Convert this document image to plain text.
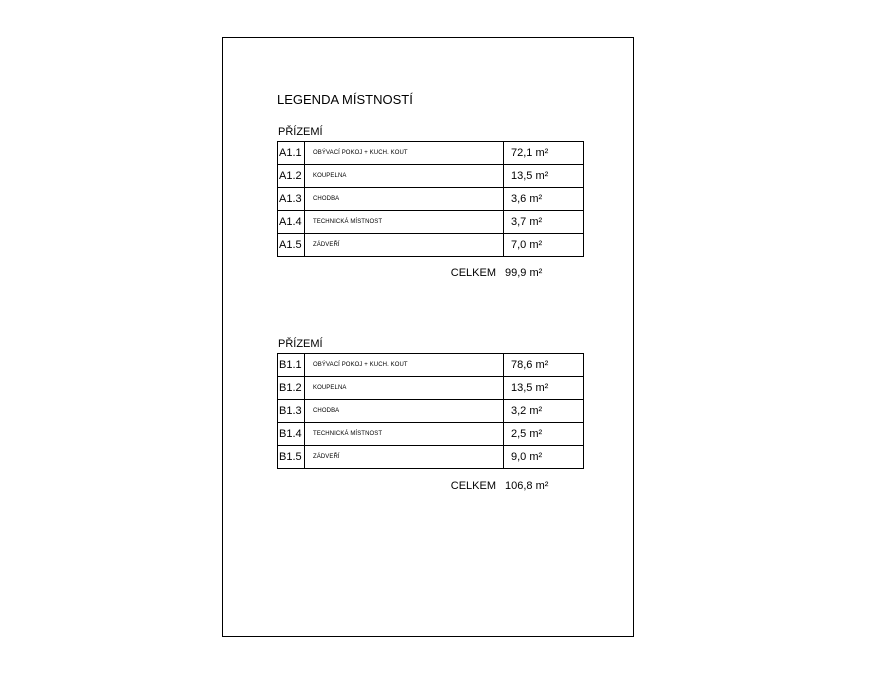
LEGENDA MÍSTNOSTÍ
PŘÍZEMÍ
A1.1	OBÝVACÍ POKOJ + KUCH. KOUT	72,1 m²
A1.2	KOUPELNA	13,5 m²
A1.3	CHODBA	3,6 m²
A1.4	TECHNICKÁ MÍSTNOST	3,7 m²
A1.5	ZÁDVEŘÍ	7,0 m²
CELKEM 99,9 m²
PŘÍZEMÍ
B1.1	OBÝVACÍ POKOJ + KUCH. KOUT	78,6 m²
B1.2	KOUPELNA	13,5 m²
B1.3	CHODBA	3,2 m²
B1.4	TECHNICKÁ MÍSTNOST	2,5 m²
B1.5	ZÁDVEŘÍ	9,0 m²
CELKEM 106,8 m²
